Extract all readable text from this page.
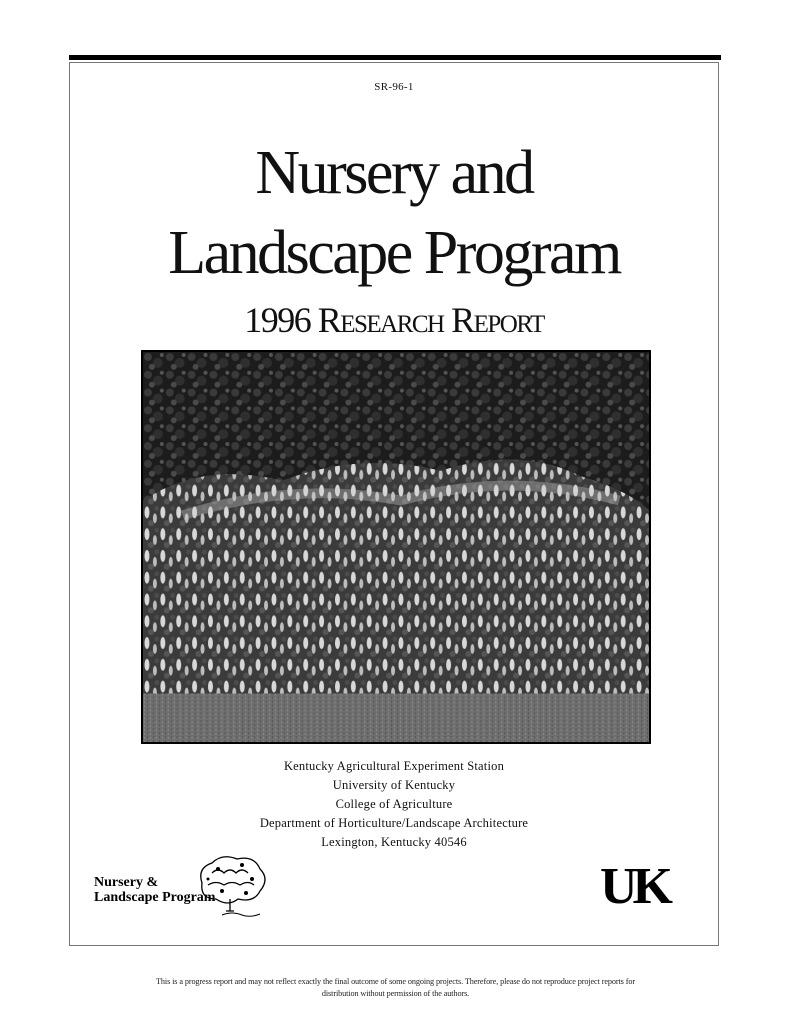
SR-96-1
Nursery and
Landscape Program
1996 Research Report
Kentucky Agricultural Experiment Station
University of Kentucky
College of Agriculture
Department of Horticulture/Landscape Architecture
Lexington, Kentucky 40546
Nursery &
Landscape Program	UK
This is a progress report and may not reflect exactly the final outcome of some ongoing projects. Therefore, please do not reproduce project reports for
distribution without permission of the authors.
